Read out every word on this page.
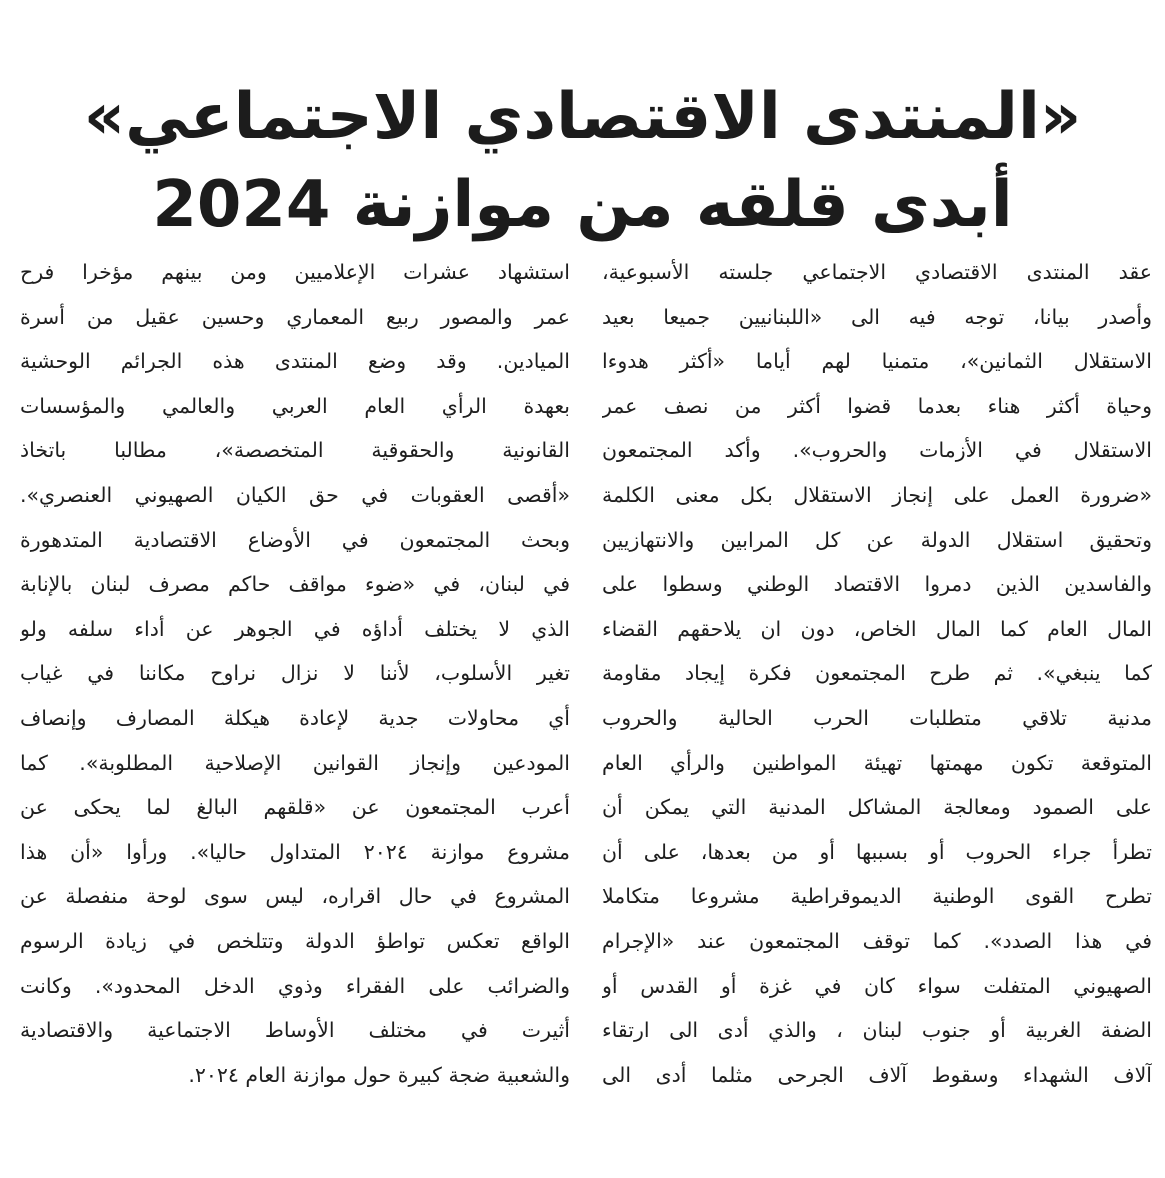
«المنتدى الاقتصادي الاجتماعي»
أبدى قلقه من موازنة 2024
عقد المنتدى الاقتصادي الاجتماعي جلسته الأسبوعية،
وأصدر بيانا، توجه فيه الى «اللبنانيين جميعا بعيد
الاستقلال الثمانين»، متمنيا لهم أياما «أكثر هدوءا
وحياة أكثر هناء بعدما قضوا أكثر من نصف عمر
الاستقلال في الأزمات والحروب». وأكد المجتمعون
«ضرورة العمل على إنجاز الاستقلال بكل معنى الكلمة
وتحقيق استقلال الدولة عن كل المرابين والانتهازيين
والفاسدين الذين دمروا الاقتصاد الوطني وسطوا على
المال العام كما المال الخاص، دون ان يلاحقهم القضاء
كما ينبغي». ثم طرح المجتمعون فكرة إيجاد مقاومة
مدنية تلاقي متطلبات الحرب الحالية والحروب
المتوقعة تكون مهمتها تهيئة المواطنين والرأي العام
على الصمود ومعالجة المشاكل المدنية التي يمكن أن
تطرأ جراء الحروب أو بسببها أو من بعدها، على أن
تطرح القوى الوطنية الديموقراطية مشروعا متكاملا
في هذا الصدد». كما توقف المجتمعون عند «الإجرام
الصهيوني المتفلت سواء كان في غزة أو القدس أو
الضفة الغربية أو جنوب لبنان ، والذي أدى الى ارتقاء
آلاف الشهداء وسقوط آلاف الجرحى مثلما أدى الى
استشهاد عشرات الإعلاميين ومن بينهم مؤخرا فرح
عمر والمصور ربيع المعماري وحسين عقيل من أسرة
الميادين. وقد وضع المنتدى هذه الجرائم الوحشية
بعهدة الرأي العام العربي والعالمي والمؤسسات
القانونية والحقوقية المتخصصة»، مطالبا باتخاذ
«أقصى العقوبات في حق الكيان الصهيوني العنصري».
وبحث المجتمعون في الأوضاع الاقتصادية المتدهورة
في لبنان، في «ضوء مواقف حاكم مصرف لبنان بالإنابة
الذي لا يختلف أداؤه في الجوهر عن أداء سلفه ولو
تغير الأسلوب، لأننا لا نزال نراوح مكاننا في غياب
أي محاولات جدية لإعادة هيكلة المصارف وإنصاف
المودعين وإنجاز القوانين الإصلاحية المطلوبة». كما
أعرب المجتمعون عن «قلقهم البالغ لما يحكى عن
مشروع موازنة ٢٠٢٤ المتداول حاليا». ورأوا «أن هذا
المشروع في حال اقراره، ليس سوى لوحة منفصلة عن
الواقع تعكس تواطؤ الدولة وتتلخص في زيادة الرسوم
والضرائب على الفقراء وذوي الدخل المحدود». وكانت
أثيرت في مختلف الأوساط الاجتماعية والاقتصادية
والشعبية ضجة كبيرة حول موازنة العام ٢٠٢٤.
